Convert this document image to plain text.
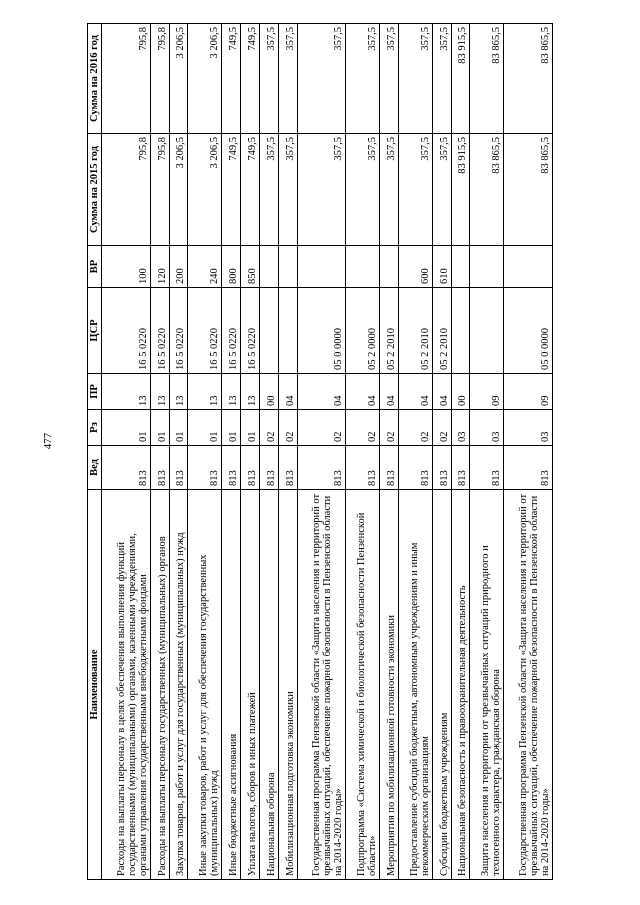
477
Наименование	Вед	Рз	ПР	ЦСР	ВР	Сумма на 2015 год	Сумма на 2016 год
Расходы на выплаты персоналу в целях обеспечения выполнения функций государственными (муниципальными) органами, казенными учреждениями, органами управления государственными внебюджетными фондами	813	01	13	16 5 0220	100	795,8	795,8
Расходы на выплаты персоналу государственных (муниципальных) органов	813	01	13	16 5 0220	120	795,8	795,8
Закупка товаров, работ и услуг для государственных (муниципальных) нужд	813	01	13	16 5 0220	200	3 206,5	3 206,5
Иные закупки товаров, работ и услуг для обеспечения государственных (муниципальных) нужд	813	01	13	16 5 0220	240	3 206,5	3 206,5
Иные бюджетные ассигнования	813	01	13	16 5 0220	800	749,5	749,5
Уплата налогов, сборов и иных платежей	813	01	13	16 5 0220	850	749,5	749,5
Национальная оборона	813	02	00			357,5	357,5
Мобилизационная подготовка экономики	813	02	04			357,5	357,5
Государственная программа Пензенской области «Защита населения и территорий от чрезвычайных ситуаций, обеспечение пожарной безопасности в Пензенской области на 2014-2020 годы»	813	02	04	05 0 0000		357,5	357,5
Подпрограмма «Система химической и биологической безопасности Пензенской области»	813	02	04	05 2 0000		357,5	357,5
Мероприятия по мобилизационной готовности экономики	813	02	04	05 2 2010		357,5	357,5
Предоставление субсидий бюджетным, автономным учреждениям и иным некоммерческим организациям	813	02	04	05 2 2010	600	357,5	357,5
Субсидии бюджетным учреждениям	813	02	04	05 2 2010	610	357,5	357,5
Национальная безопасность и правоохранительная деятельность	813	03	00			83 915,5	83 915,5
Защита населения и территории от чрезвычайных ситуаций природного и техногенного характера, гражданская оборона	813	03	09			83 865,5	83 865,5
Государственная программа Пензенской области «Защита населения и территорий от чрезвычайных ситуаций, обеспечение пожарной безопасности в Пензенской области на 2014-2020 годы»	813	03	09	05 0 0000		83 865,5	83 865,5
